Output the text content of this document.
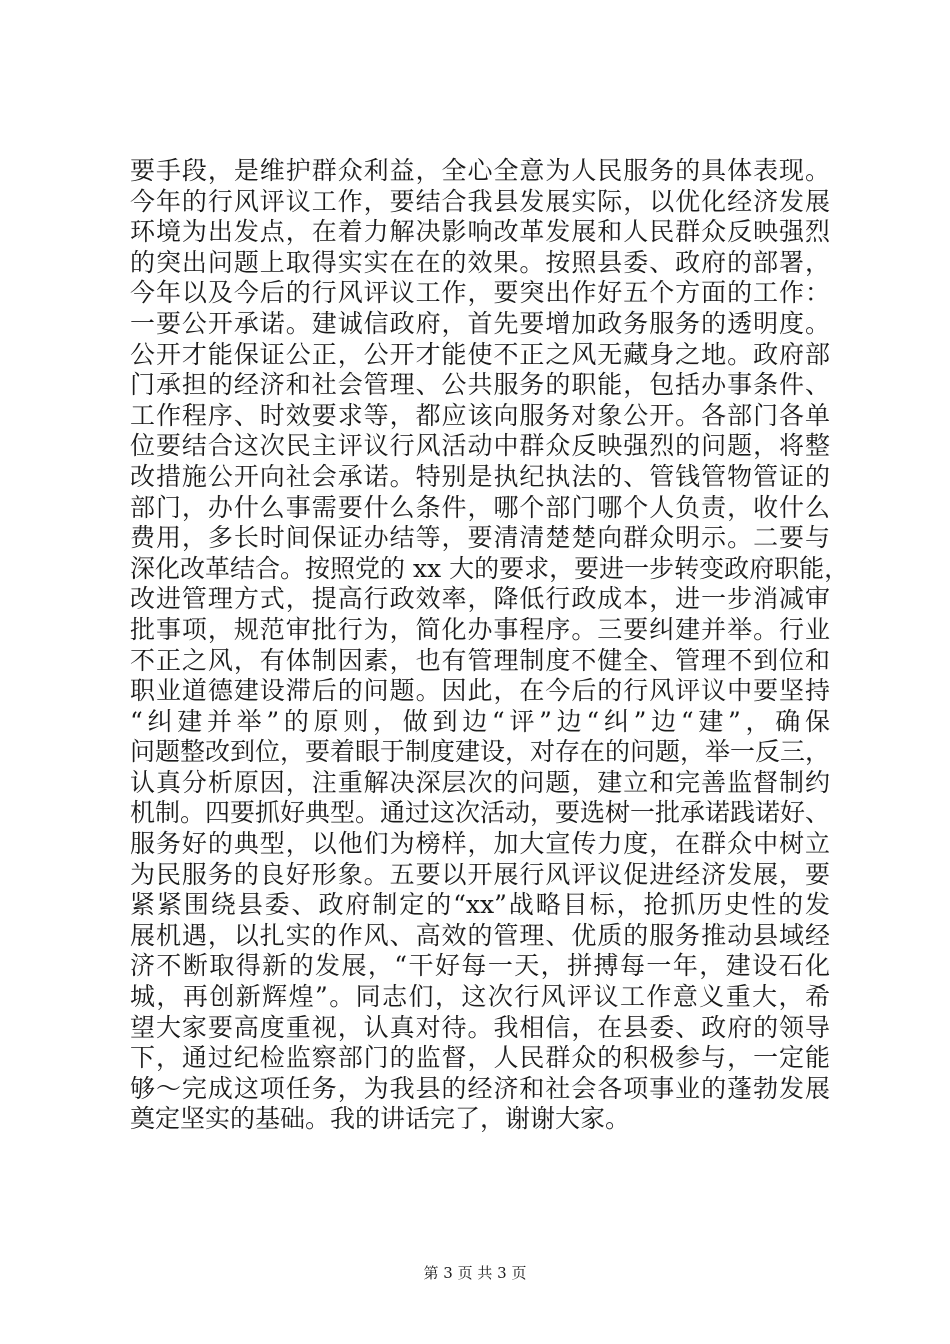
要手段，是维护群众利益，全心全意为人民服务的具体表现。
今年的行风评议工作，要结合我县发展实际，以优化经济发展
环境为出发点，在着力解决影响改革发展和人民群众反映强烈
的突出问题上取得实实在在的效果。按照县委、政府的部署，
今年以及今后的行风评议工作，要突出作好五个方面的工作：
一要公开承诺。建诚信政府，首先要增加政务服务的透明度。
公开才能保证公正，公开才能使不正之风无藏身之地。政府部
门承担的经济和社会管理、公共服务的职能，包括办事条件、
工作程序、时效要求等，都应该向服务对象公开。各部门各单
位要结合这次民主评议行风活动中群众反映强烈的问题，将整
改措施公开向社会承诺。特别是执纪执法的、管钱管物管证的
部门，办什么事需要什么条件，哪个部门哪个人负责，收什么
费用，多长时间保证办结等，要清清楚楚向群众明示。二要与
深化改革结合。按照党的 xx 大的要求，要进一步转变政府职能，
改进管理方式，提高行政效率，降低行政成本，进一步消减审
批事项，规范审批行为，简化办事程序。三要纠建并举。行业
不正之风，有体制因素，也有管理制度不健全、管理不到位和
职业道德建设滞后的问题。因此，在今后的行风评议中要坚持
“纠建并举”的原则，做到边“评”边“纠”边“建”，确保
问题整改到位，要着眼于制度建设，对存在的问题，举一反三，
认真分析原因，注重解决深层次的问题，建立和完善监督制约
机制。四要抓好典型。通过这次活动，要选树一批承诺践诺好、
服务好的典型，以他们为榜样，加大宣传力度，在群众中树立
为民服务的良好形象。五要以开展行风评议促进经济发展，要
紧紧围绕县委、政府制定的“xx”战略目标，抢抓历史性的发
展机遇，以扎实的作风、高效的管理、优质的服务推动县域经
济不断取得新的发展，“干好每一天，拼搏每一年，建设石化
城，再创新辉煌”。同志们，这次行风评议工作意义重大，希
望大家要高度重视，认真对待。我相信，在县委、政府的领导
下，通过纪检监察部门的监督，人民群众的积极参与，一定能
够～完成这项任务，为我县的经济和社会各项事业的蓬勃发展
奠定坚实的基础。我的讲话完了，谢谢大家。
第 3 页 共 3 页
